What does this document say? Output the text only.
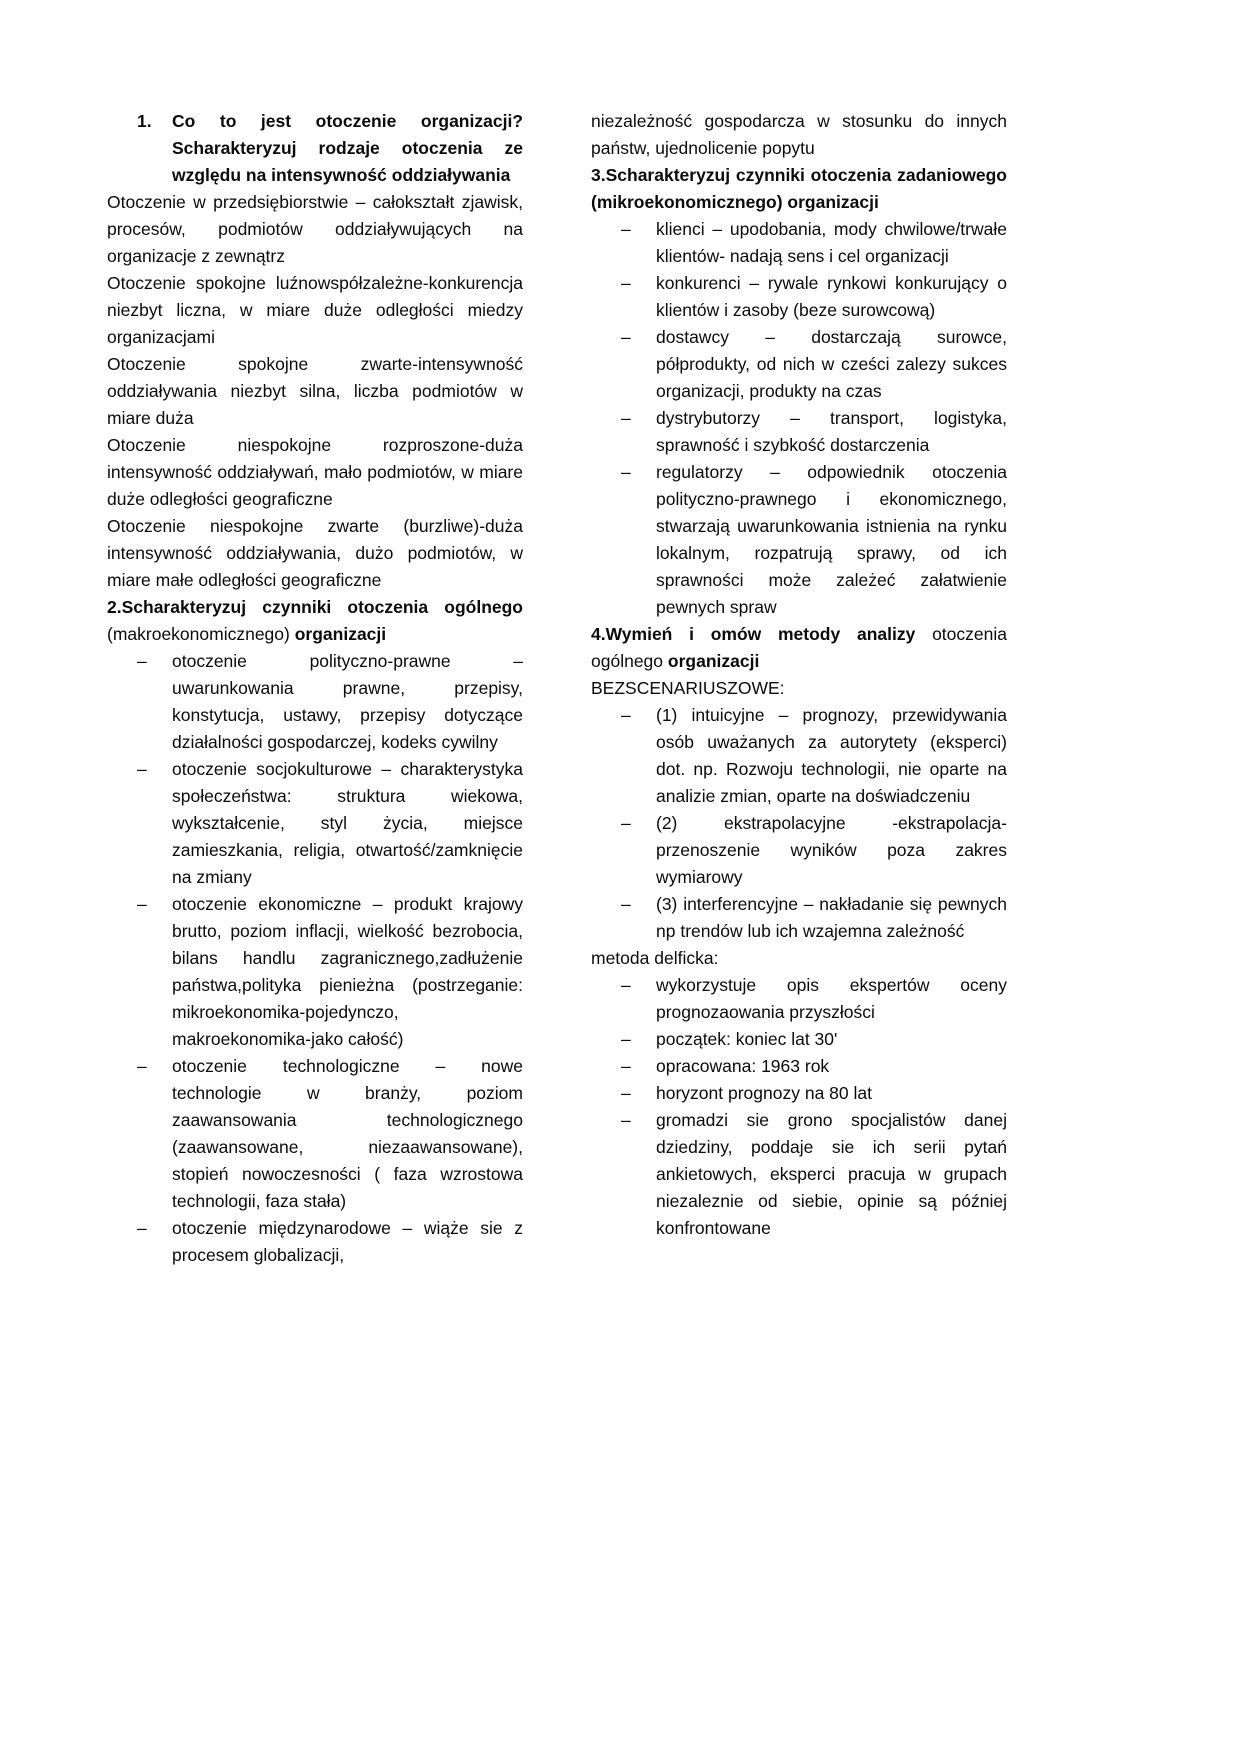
1.	Co to jest otoczenie organizacji? Scharakteryzuj rodzaje otoczenia ze względu na intensywność oddziaływania

Otoczenie w przedsiębiorstwie – całokształt zjawisk, procesów, podmiotów oddziaływujących na organizacje z zewnątrz

Otoczenie spokojne luźnowspółzależne-konkurencja niezbyt liczna, w miare duże odległości miedzy organizacjami

Otoczenie spokojne zwarte-intensywność oddziaływania niezbyt silna, liczba podmiotów w miare duża

Otoczenie niespokojne rozproszone-duża intensywność oddziaływań, mało podmiotów, w miare duże odległości geograficzne

Otoczenie niespokojne zwarte (burzliwe)-duża intensywność oddziaływania, dużo podmiotów, w miare małe odległości geograficzne

2.Scharakteryzuj czynniki otoczenia ogólnego (makroekonomicznego) organizacji
–	otoczenie polityczno-prawne – uwarunkowania prawne, przepisy, konstytucja, ustawy, przepisy dotyczące działalności gospodarczej, kodeks cywilny
–	otoczenie socjokulturowe – charakterystyka społeczeństwa: struktura wiekowa, wykształcenie, styl życia, miejsce zamieszkania, religia, otwartość/zamknięcie na zmiany
–	otoczenie ekonomiczne – produkt krajowy brutto, poziom inflacji, wielkość bezrobocia, bilans handlu zagranicznego,zadłużenie państwa,polityka pienieżna (postrzeganie: mikroekonomika-pojedynczo, makroekonomika-jako całość)
–	otoczenie technologiczne – nowe technologie w branży, poziom zaawansowania technologicznego (zaawansowane, niezaawansowane), stopień nowoczesności ( faza wzrostowa technologii, faza stała)
–	otoczenie międzynarodowe – wiąże sie z procesem globalizacji,

niezależność gospodarcza w stosunku do innych państw, ujednolicenie popytu

3.Scharakteryzuj czynniki otoczenia zadaniowego (mikroekonomicznego) organizacji
–	klienci – upodobania, mody chwilowe/trwałe klientów- nadają sens i cel organizacji
–	konkurenci – rywale rynkowi konkurujący o klientów i zasoby (beze surowcową)
–	dostawcy – dostarczają surowce, półprodukty, od nich w cześci zalezy sukces organizacji, produkty na czas
–	dystrybutorzy – transport, logistyka, sprawność i szybkość dostarczenia
–	regulatorzy – odpowiednik otoczenia polityczno-prawnego i ekonomicznego, stwarzają uwarunkowania istnienia na rynku lokalnym, rozpatrują sprawy, od ich sprawności może zależeć załatwienie pewnych spraw
4.Wymień i omów metody analizy otoczenia ogólnego organizacji

BEZSCENARIUSZOWE:

–	(1) intuicyjne – prognozy, przewidywania osób uważanych za autorytety (eksperci) dot. np. Rozwoju technologii, nie oparte na analizie zmian, oparte na doświadczeniu
–	(2) ekstrapolacyjne -ekstrapolacja- przenoszenie wyników poza zakres wymiarowy
–	(3) interferencyjne – nakładanie się pewnych np trendów lub ich wzajemna zależność

metoda delficka:

–	wykorzystuje opis ekspertów oceny prognozaowania przyszłości
–	początek: koniec lat 30'
–	opracowana: 1963 rok
–	horyzont prognozy na 80 lat
–	gromadzi sie grono spocjalistów danej dziedziny, poddaje sie ich serii pytań ankietowych, eksperci pracuja w grupach niezaleznie od siebie, opinie są później konfrontowane
